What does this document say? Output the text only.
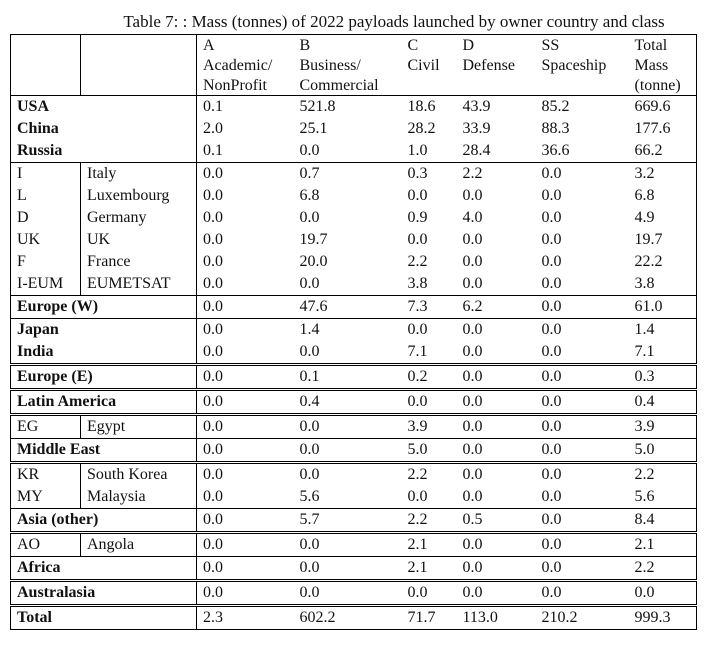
Table 7: : Mass (tonnes) of 2022 payloads launched by owner country and class
		A	B	C	D	SS	Total
		Academic/	Business/	Civil	Defense	Spaceship	Mass
		NonProfit	Commercial				(tonne)
USA		0.1	521.8	18.6	43.9	85.2	669.6
China		2.0	25.1	28.2	33.9	88.3	177.6
Russia		0.1	0.0	1.0	28.4	36.6	66.2
I	Italy	0.0	0.7	0.3	2.2	0.0	3.2
L	Luxembourg	0.0	6.8	0.0	0.0	0.0	6.8
D	Germany	0.0	0.0	0.9	4.0	0.0	4.9
UK	UK	0.0	19.7	0.0	0.0	0.0	19.7
F	France	0.0	20.0	2.2	0.0	0.0	22.2
I-EUM	EUMETSAT	0.0	0.0	3.8	0.0	0.0	3.8
Europe (W)		0.0	47.6	7.3	6.2	0.0	61.0
Japan		0.0	1.4	0.0	0.0	0.0	1.4
India		0.0	0.0	7.1	0.0	0.0	7.1
Europe (E)		0.0	0.1	0.2	0.0	0.0	0.3
Latin America		0.0	0.4	0.0	0.0	0.0	0.4
EG	Egypt	0.0	0.0	3.9	0.0	0.0	3.9
Middle East		0.0	0.0	5.0	0.0	0.0	5.0
KR	South Korea	0.0	0.0	2.2	0.0	0.0	2.2
MY	Malaysia	0.0	5.6	0.0	0.0	0.0	5.6
Asia (other)		0.0	5.7	2.2	0.5	0.0	8.4
AO	Angola	0.0	0.0	2.1	0.0	0.0	2.1
Africa		0.0	0.0	2.1	0.0	0.0	2.2
Australasia		0.0	0.0	0.0	0.0	0.0	0.0
Total		2.3	602.2	71.7	113.0	210.2	999.3
